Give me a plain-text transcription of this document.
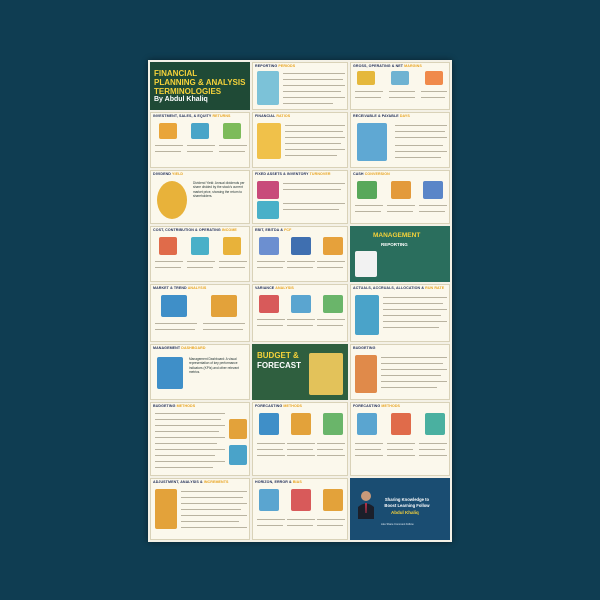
FINANCIAL
PLANNING & ANALYSIS
TERMINOLOGIES
By Abdul Khaliq
REPORTING PERIODS	GROSS, OPERATING & NET MARGINS
INVESTMENT, SALES, & EQUITY RETURNS	FINANCIAL RATIOS	RECEIVABLE & PAYABLE DAYS
DIVIDEND YIELD
Dividend Yield: Annual dividends per share divided by the stock's current market price, showing the return to shareholders.
FIXED ASSETS & INVENTORY TURNOVER	CASH CONVERSION
COST, CONTRIBUTION & OPERATING INCOME	EBIT, EBITDA & FCF
MANAGEMENT
REPORTING
MARKET & TREND ANALYSIS	VARIANCE ANALYSIS	ACTUALS, ACCRUALS, ALLOCATION & RUN RATE
MANAGEMENT DASHBOARD
Management Dashboard: A visual representation of key performance indicators (KPIs) and other relevant metrics.
BUDGET &
FORECAST
BUDGETING
BUDGETING METHODS	FORECASTING METHODS	FORECASTING METHODS
ADJUSTMENT, ANALYSIS & INCREMENTS	HORIZON, ERROR & BIAS
Sharing Knowledge to Boost Learning Follow
Abdul Khaliq
Like Share Comment Follow
